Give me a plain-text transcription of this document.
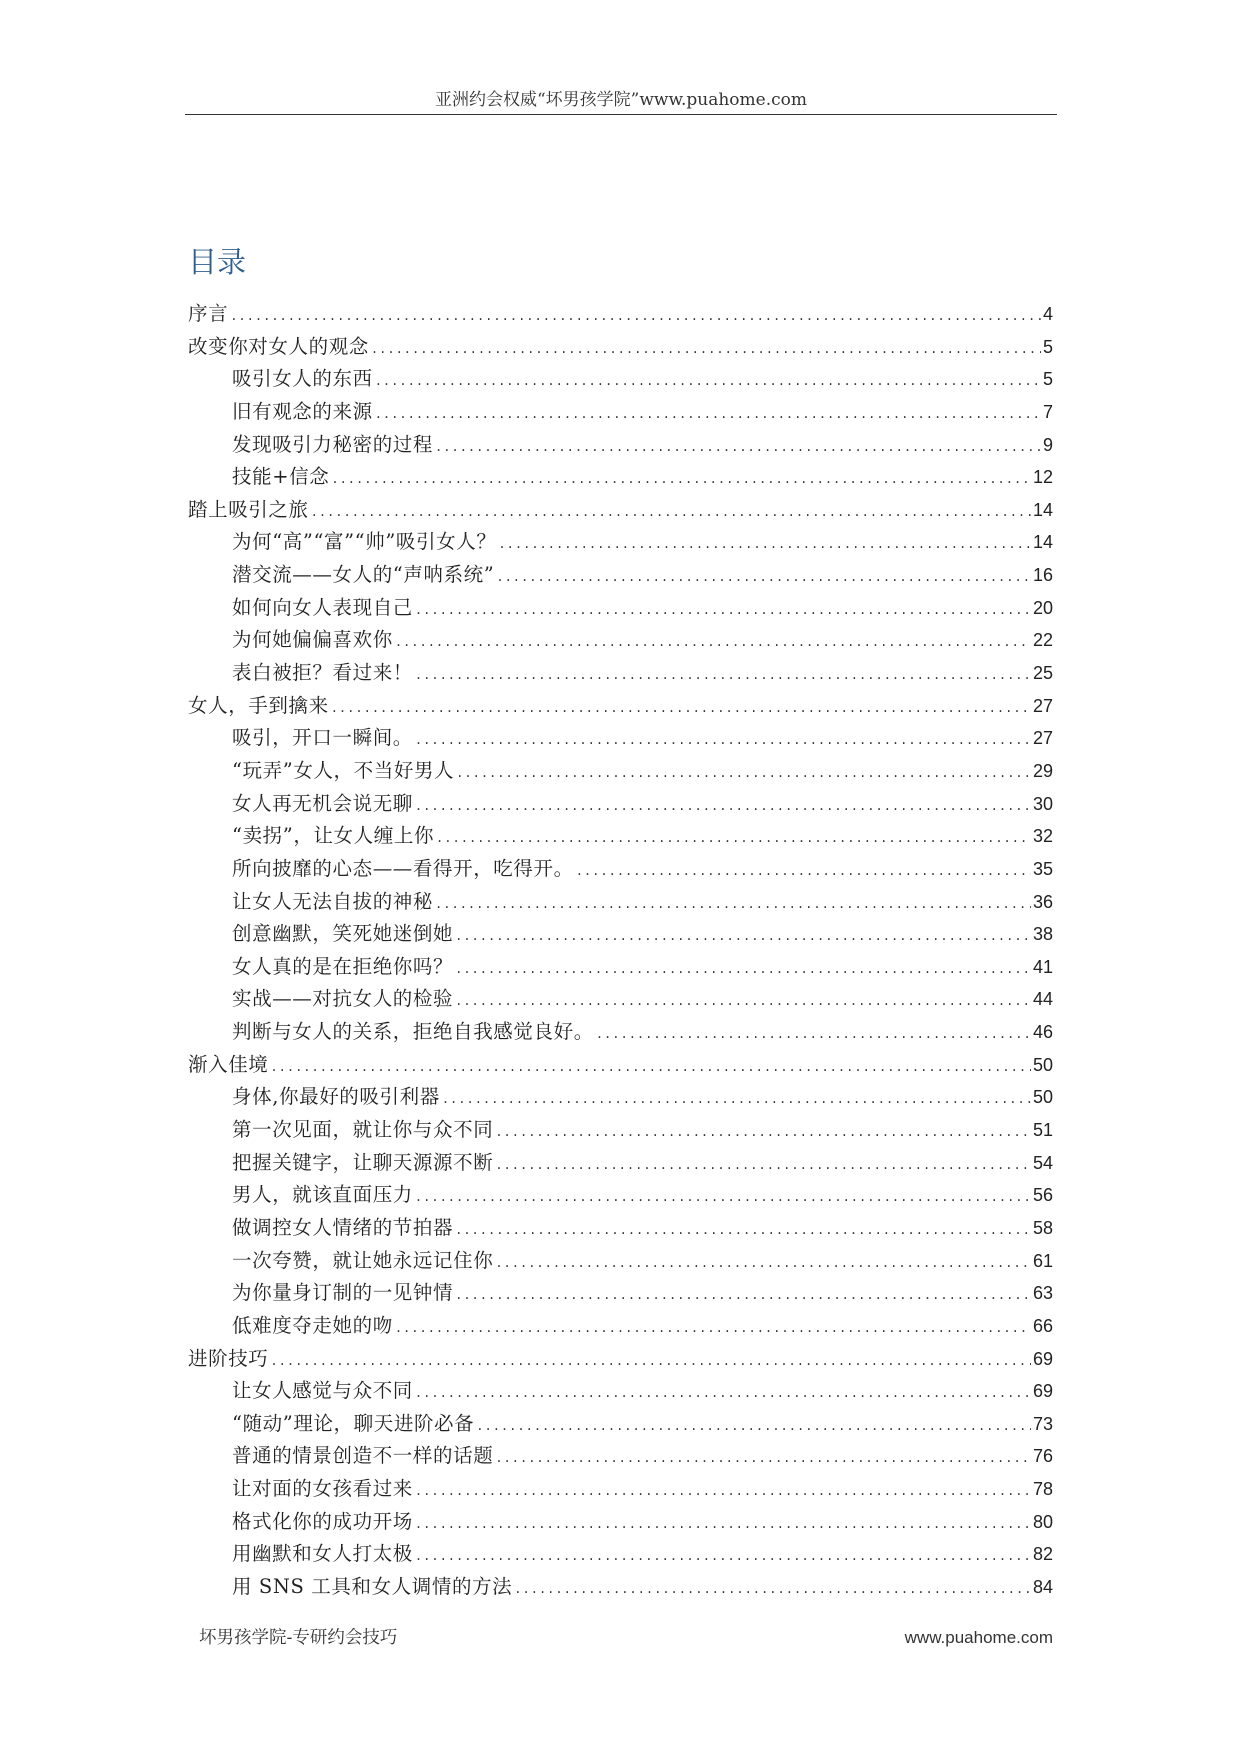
亚洲约会权威“坏男孩学院”www.puahome.com
目录
序言 .....	4
改变你对女人的观念 .....	5
吸引女人的东西 .....	5
旧有观念的来源 .....	7
发现吸引力秘密的过程 .....	9
技能+信念 .....	12
踏上吸引之旅 .....	14
为何“高”“富”“帅”吸引女人？ .....	14
潜交流——女人的“声呐系统” .....	16
如何向女人表现自己 .....	20
为何她偏偏喜欢你 .....	22
表白被拒？看过来！ .....	25
女人，手到擒来 .....	27
吸引，开口一瞬间。 .....	27
“玩弄”女人，不当好男人 .....	29
女人再无机会说无聊 .....	30
“卖拐”，让女人缠上你 .....	32
所向披靡的心态——看得开，吃得开。 .....	35
让女人无法自拔的神秘 .....	36
创意幽默，笑死她迷倒她 .....	38
女人真的是在拒绝你吗？ .....	41
实战——对抗女人的检验 .....	44
判断与女人的关系，拒绝自我感觉良好。 .....	46
渐入佳境 .....	50
身体,你最好的吸引利器 .....	50
第一次见面，就让你与众不同 .....	51
把握关键字，让聊天源源不断 .....	54
男人，就该直面压力 .....	56
做调控女人情绪的节拍器 .....	58
一次夸赞，就让她永远记住你 .....	61
为你量身订制的一见钟情 .....	63
低难度夺走她的吻 .....	66
进阶技巧 .....	69
让女人感觉与众不同 .....	69
“随动”理论，聊天进阶必备 .....	73
普通的情景创造不一样的话题 .....	76
让对面的女孩看过来 .....	78
格式化你的成功开场 .....	80
用幽默和女人打太极 .....	82
用 SNS 工具和女人调情的方法 .....	84
坏男孩学院-专研约会技巧	www.puahome.com
